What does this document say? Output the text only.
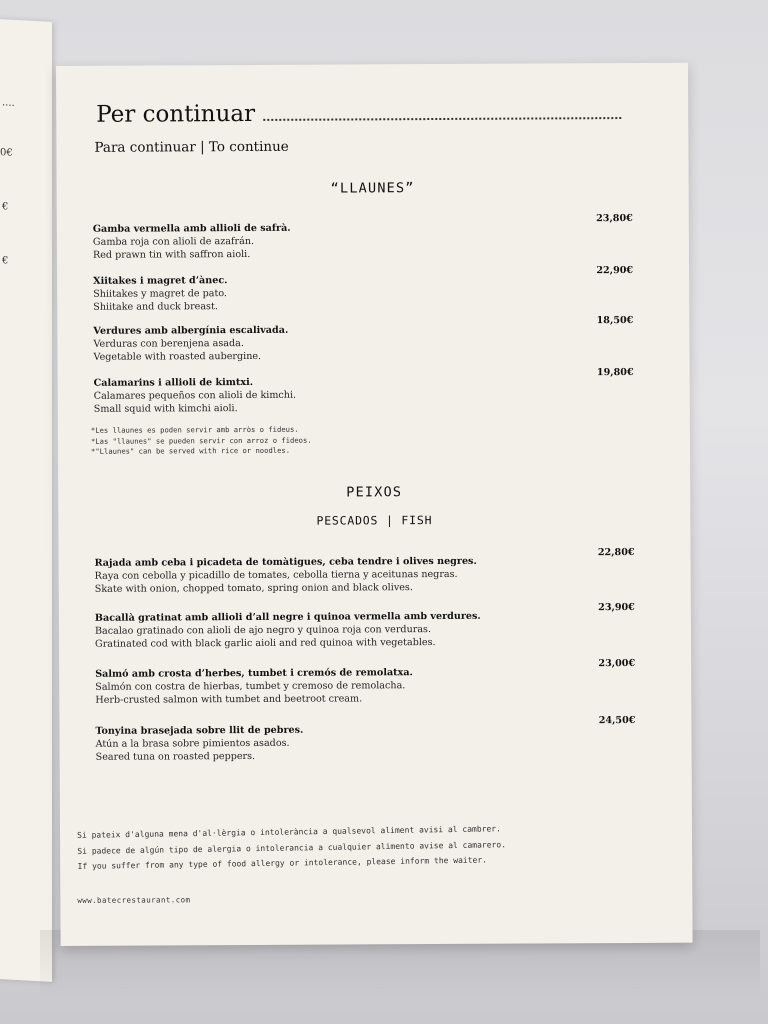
....
0€
€
€
Per continuar
Para continuar | To continue
“LLAUNES”
23,80€
Gamba vermella amb allioli de safrà.
Gamba roja con alioli de azafrán.
Red prawn tin with saffron aioli.
22,90€
Xiitakes i magret d’ànec.
Shiitakes y magret de pato.
Shiitake and duck breast.
18,50€
Verdures amb albergínia escalivada.
Verduras con berenjena asada.
Vegetable with roasted aubergine.
19,80€
Calamarins i allioli de kimtxi.
Calamares pequeños con alioli de kimchi.
Small squid with kimchi aioli.
*Les llaunes es poden servir amb arròs o fideus.
*Las "llaunes" se pueden servir con arroz o fideos.
*"Llaunes" can be served with rice or noodles.
PEIXOS
PESCADOS | FISH
22,80€
Rajada amb ceba i picadeta de tomàtigues, ceba tendre i olives negres.
Raya con cebolla y picadillo de tomates, cebolla tierna y aceitunas negras.
Skate with onion, chopped tomato, spring onion and black olives.
23,90€
Bacallà gratinat amb allioli d’all negre i quinoa vermella amb verdures.
Bacalao gratinado con alioli de ajo negro y quinoa roja con verduras.
Gratinated cod with black garlic aioli and red quinoa with vegetables.
23,00€
Salmó amb crosta d’herbes, tumbet i cremós de remolatxa.
Salmón con costra de hierbas, tumbet y cremoso de remolacha.
Herb-crusted salmon with tumbet and beetroot cream.
24,50€
Tonyina brasejada sobre llit de pebres.
Atún a la brasa sobre pimientos asados.
Seared tuna on roasted peppers.
Si pateix d'alguna mena d'al·lèrgia o intolerància a qualsevol aliment avisi al cambrer.
Si padece de algún tipo de alergia o intolerancia a cualquier alimento avise al camarero.
If you suffer from any type of food allergy or intolerance, please inform the waiter.
www.batecrestaurant.com
